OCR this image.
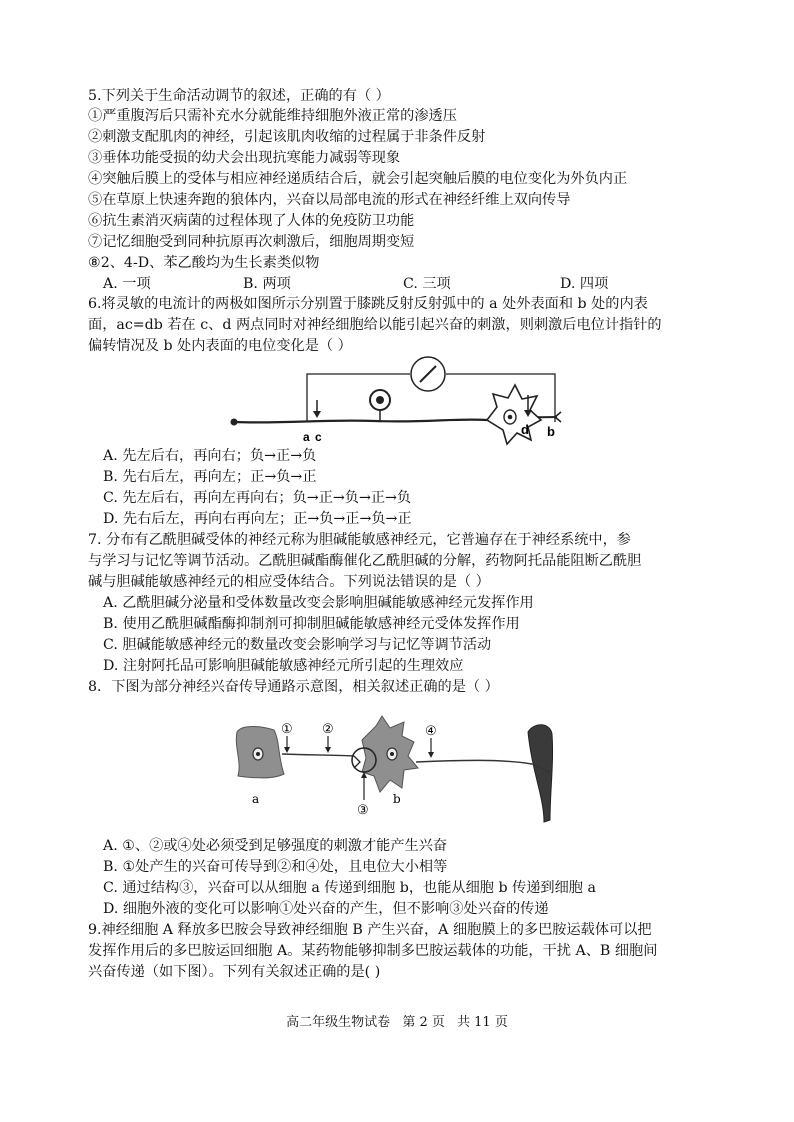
5.下列关于生命活动调节的叙述，正确的有（ ）
①严重腹泻后只需补充水分就能维持细胞外液正常的渗透压
②刺激支配肌肉的神经，引起该肌肉收缩的过程属于非条件反射
③垂体功能受损的幼犬会出现抗寒能力减弱等现象
④突触后膜上的受体与相应神经递质结合后，就会引起突触后膜的电位变化为外负内正
⑤在草原上快速奔跑的狼体内，兴奋以局部电流的形式在神经纤维上双向传导
⑥抗生素消灭病菌的过程体现了人体的免疫防卫功能
⑦记忆细胞受到同种抗原再次刺激后，细胞周期变短
⑧2、4-D、苯乙酸均为生长素类似物
A. 一项	B. 两项	C. 三项	D. 四项
6.将灵敏的电流计的两极如图所示分别置于膝跳反射反射弧中的 a 处外表面和 b 处的内表
面，ac=db 若在 c、d 两点同时对神经细胞给以能引起兴奋的刺激，则刺激后电位计指针的
偏转情况及 b 处内表面的电位变化是（ ）
a c	d b
A. 先左后右，再向右；负→正→负
B. 先右后左，再向左；正→负→正
C. 先左后右，再向左再向右；负→正→负→正→负
D. 先右后左，再向右再向左；正→负→正→负→正
7. 分布有乙酰胆碱受体的神经元称为胆碱能敏感神经元，它普遍存在于神经系统中，参
与学习与记忆等调节活动。乙酰胆碱酯酶催化乙酰胆碱的分解，药物阿托品能阻断乙酰胆
碱与胆碱能敏感神经元的相应受体结合。下列说法错误的是（ ）
A. 乙酰胆碱分泌量和受体数量改变会影响胆碱能敏感神经元发挥作用
B. 使用乙酰胆碱酯酶抑制剂可抑制胆碱能敏感神经元受体发挥作用
C. 胆碱能敏感神经元的数量改变会影响学习与记忆等调节活动
D. 注射阿托品可影响胆碱能敏感神经元所引起的生理效应
8．下图为部分神经兴奋传导通路示意图，相关叙述正确的是（ ）
① ②
③
④
a	b
A. ①、②或④处必须受到足够强度的刺激才能产生兴奋
B. ①处产生的兴奋可传导到②和④处，且电位大小相等
C. 通过结构③，兴奋可以从细胞 a 传递到细胞 b，也能从细胞 b 传递到细胞 a
D. 细胞外液的变化可以影响①处兴奋的产生，但不影响③处兴奋的传递
9.神经细胞 A 释放多巴胺会导致神经细胞 B 产生兴奋，A 细胞膜上的多巴胺运载体可以把
发挥作用后的多巴胺运回细胞 A。某药物能够抑制多巴胺运载体的功能，干扰 A、B 细胞间
兴奋传递（如下图）。下列有关叙述正确的是( )
高二年级生物试卷 第 2 页 共 11 页
